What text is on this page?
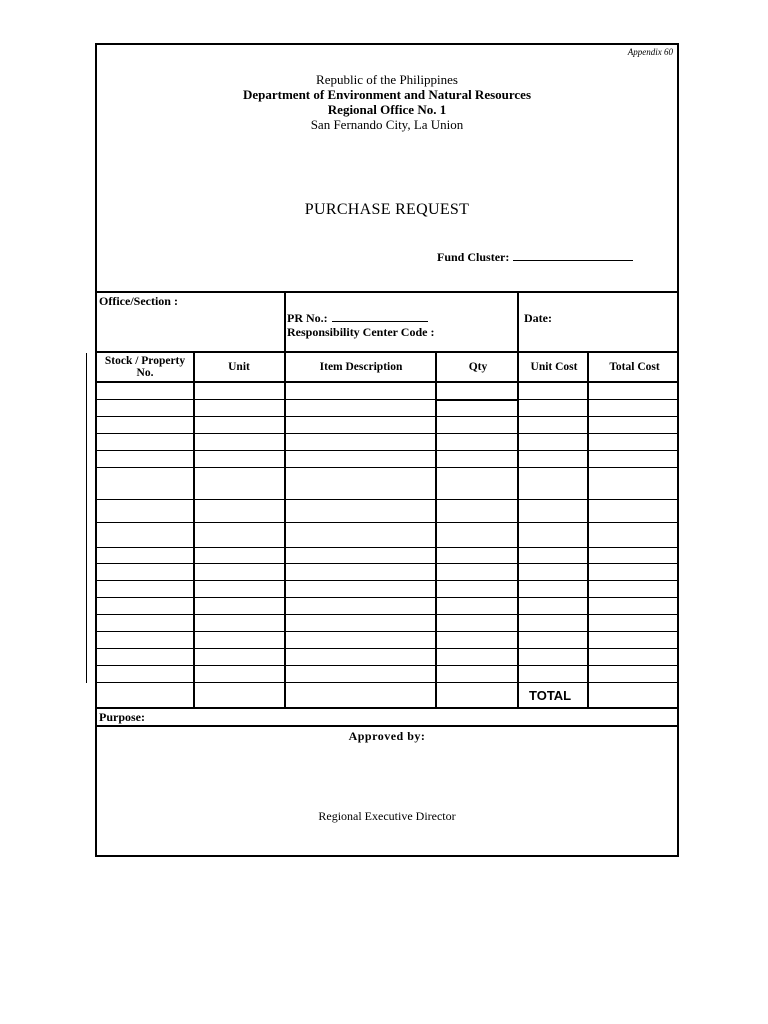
Appendix 60
Republic of the Philippines
Department of Environment and Natural Resources
Regional Office No. 1
San Fernando City, La Union
PURCHASE REQUEST
Fund Cluster:
Office/Section :
PR No.:
Responsibility Center Code :
Date:
Stock / Property No.	Unit	Item Description	Qty	Unit Cost	Total Cost
TOTAL
Purpose:
Approved by:
Regional Executive Director
